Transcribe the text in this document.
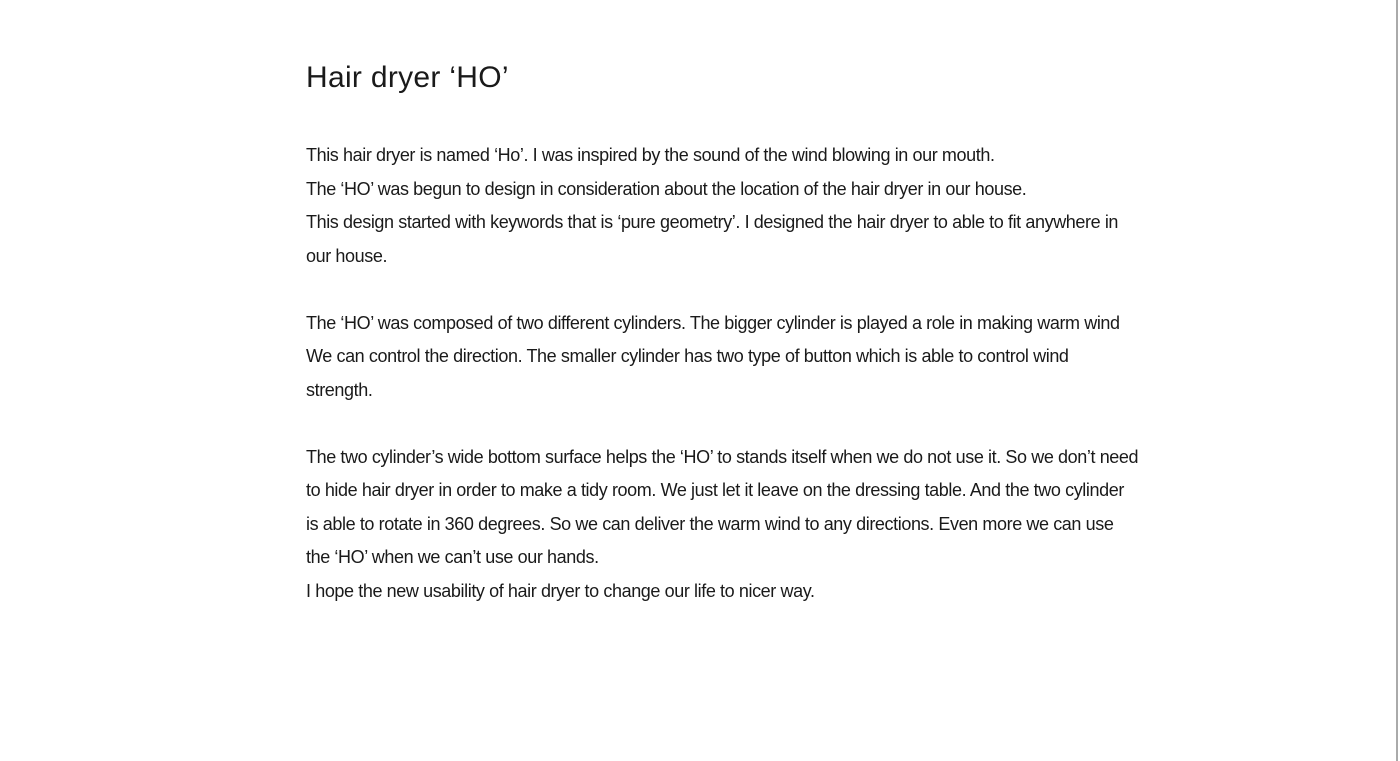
Hair dryer ‘HO’

This hair dryer is named ‘Ho’. I was inspired by the sound of the wind blowing in our mouth.
The ‘HO’ was begun to design in consideration about the location of the hair dryer in our house.
This design started with keywords that is ‘pure geometry’. I designed the hair dryer to able to fit anywhere in
our house.

The ‘HO’ was composed of two different cylinders. The bigger cylinder is played a role in making warm wind
We can control the direction. The smaller cylinder has two type of button which is able to control wind
strength.

The two cylinder’s wide bottom surface helps the ‘HO’ to stands itself when we do not use it. So we don’t need
to hide hair dryer in order to make a tidy room. We just let it leave on the dressing table. And the two cylinder
is able to rotate in 360 degrees. So we can deliver the warm wind to any directions. Even more we can use
the ‘HO’ when we can’t use our hands.
I hope the new usability of hair dryer to change our life to nicer way.
